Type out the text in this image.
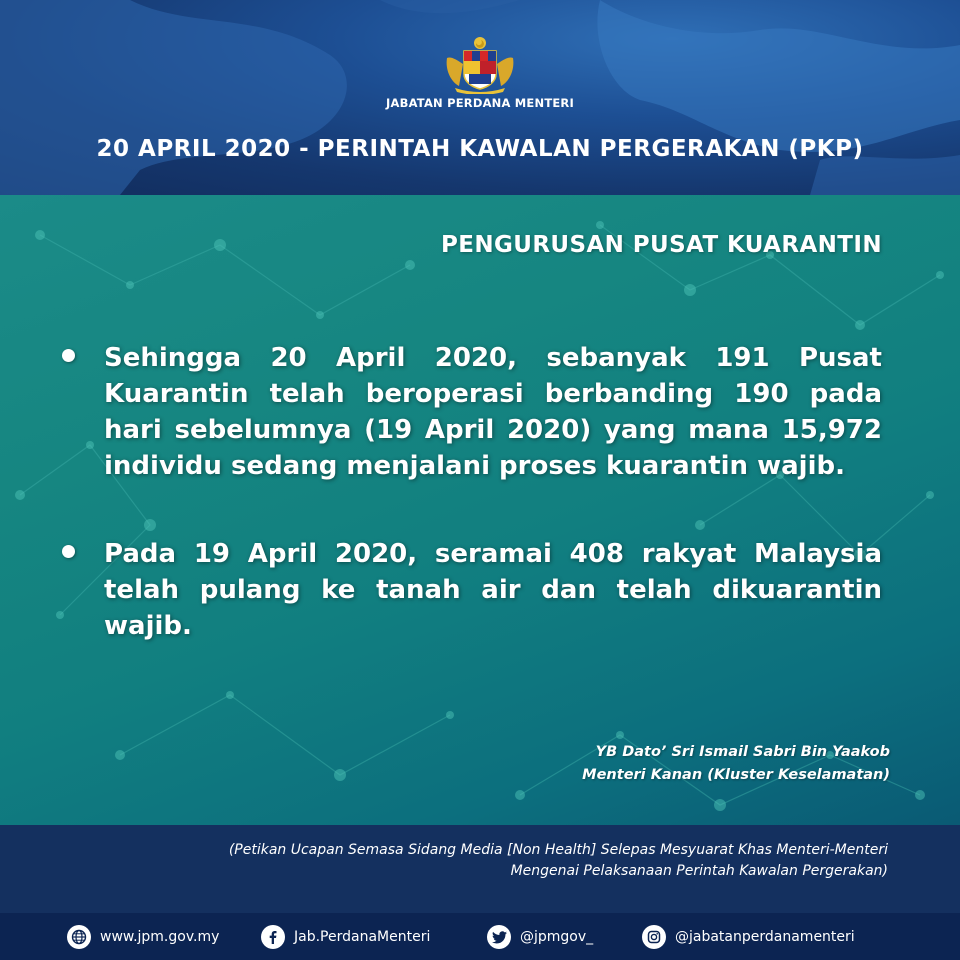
JABATAN PERDANA MENTERI
20 APRIL 2020 - PERINTAH KAWALAN PERGERAKAN (PKP)
PENGURUSAN PUSAT KUARANTIN
Sehingga 20 April 2020, sebanyak 191 Pusat Kuarantin telah beroperasi berbanding 190 pada hari sebelumnya (19 April 2020) yang mana 15,972 individu sedang menjalani proses kuarantin wajib.
Pada 19 April 2020, seramai 408 rakyat Malaysia telah pulang ke tanah air dan telah dikuarantin wajib.
YB Dato’ Sri Ismail Sabri Bin Yaakob
Menteri Kanan (Kluster Keselamatan)
(Petikan Ucapan Semasa Sidang Media [Non Health] Selepas Mesyuarat Khas Menteri-Menteri
Mengenai Pelaksanaan Perintah Kawalan Pergerakan)
www.jpm.gov.my	Jab.PerdanaMenteri	@jpmgov_	@jabatanperdanamenteri
